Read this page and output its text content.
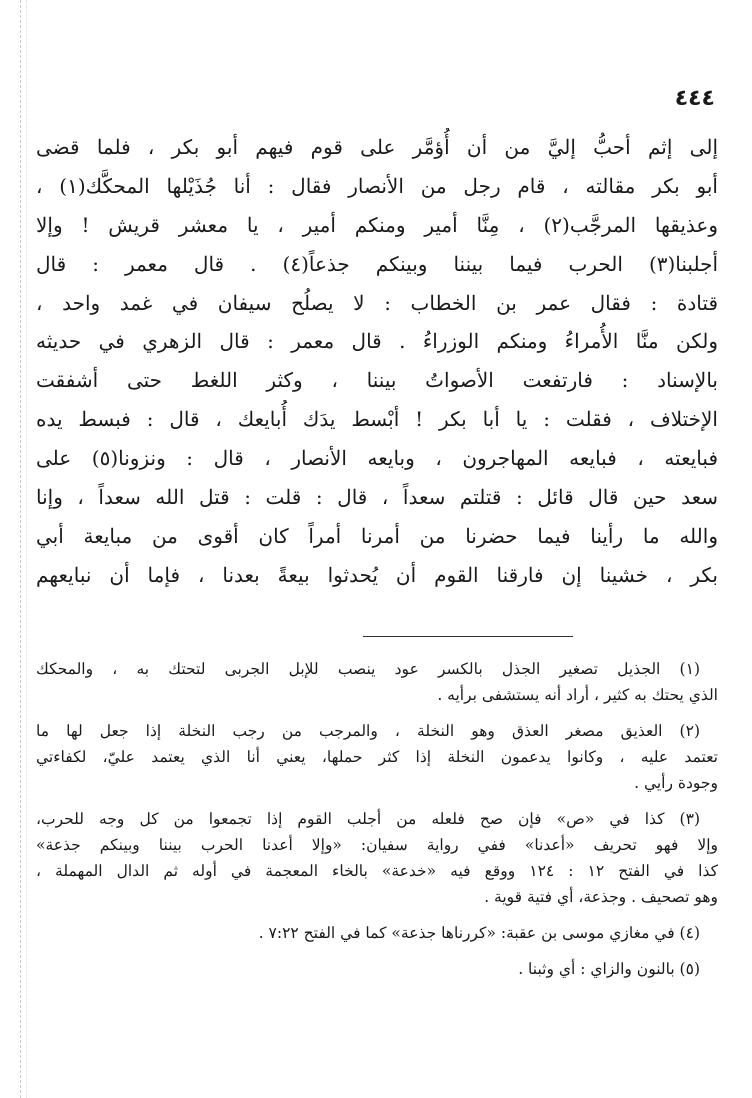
٤٤٤
إلى إثم أحبُّ إليَّ من أن أُؤمَّر على قوم فيهم أبو بكر ، فلما قضى
أبو بكر مقالته ، قام رجل من الأنصار فقال : أنا جُذَيْلها المحكَّك(١) ،
وعذيقها المرجَّب(٢) ، مِنَّا أمير ومنكم أمير ، يا معشر قريش ! وإلا
أجلبنا(٣) الحرب فيما بيننا وبينكم جذعاً(٤) . قال معمر : قال
قتادة : فقال عمر بن الخطاب : لا يصلُح سيفان في غمد واحد ،
ولكن منَّا الأُمراءُ ومنكم الوزراءُ . قال معمر : قال الزهري في حديثه
بالإسناد : فارتفعت الأصواتُ بيننا ، وكثر اللغط حتى أشفقت
الإختلاف ، فقلت : يا أبا بكر ! أبْسط يدَك أُبايعك ، قال : فبسط يده
فبايعته ، فبايعه المهاجرون ، وبايعه الأنصار ، قال : ونزونا(٥) على
سعد حين قال قائل : قتلتم سعداً ، قال : قلت : قتل الله سعداً ، وإنا
والله ما رأينا فيما حضرنا من أمرنا أمراً كان أقوى من مبايعة أبي
بكر ، خشينا إن فارقنا القوم أن يُحدثوا بيعةً بعدنا ، فإما أن نبايعهم
(١) الجذيل تصغير الجذل بالكسر عود ينصب للإبل الجربى لتحتك به ، والمحكك
الذي يحتك به كثير ، أراد أنه يستشفى برأيه .
(٢) العذيق مصغر العذق وهو النخلة ، والمرجب من رجب النخلة إذا جعل لها ما
تعتمد عليه ، وكانوا يدعمون النخلة إذا كثر حملها، يعني أنا الذي يعتمد عليّ، لكفاءتي
وجودة رأيي .
(٣) كذا في «ص» فإن صح فلعله من أجلب القوم إذا تجمعوا من كل وجه للحرب،
وإلا فهو تحريف «أعدنا» ففي رواية سفيان: «وإلا أعدنا الحرب بيننا وبينكم جذعة»
كذا في الفتح ١٢ : ١٢٤ ووقع فيه «خدعة» بالخاء المعجمة في أوله ثم الدال المهملة ،
وهو تصحيف . وجذعة، أي فتية قوية .
(٤) في مغازي موسى بن عقبة: «كررناها جذعة» كما في الفتح ٧:٢٢ .
(٥) بالنون والزاي : أي وثبنا .
